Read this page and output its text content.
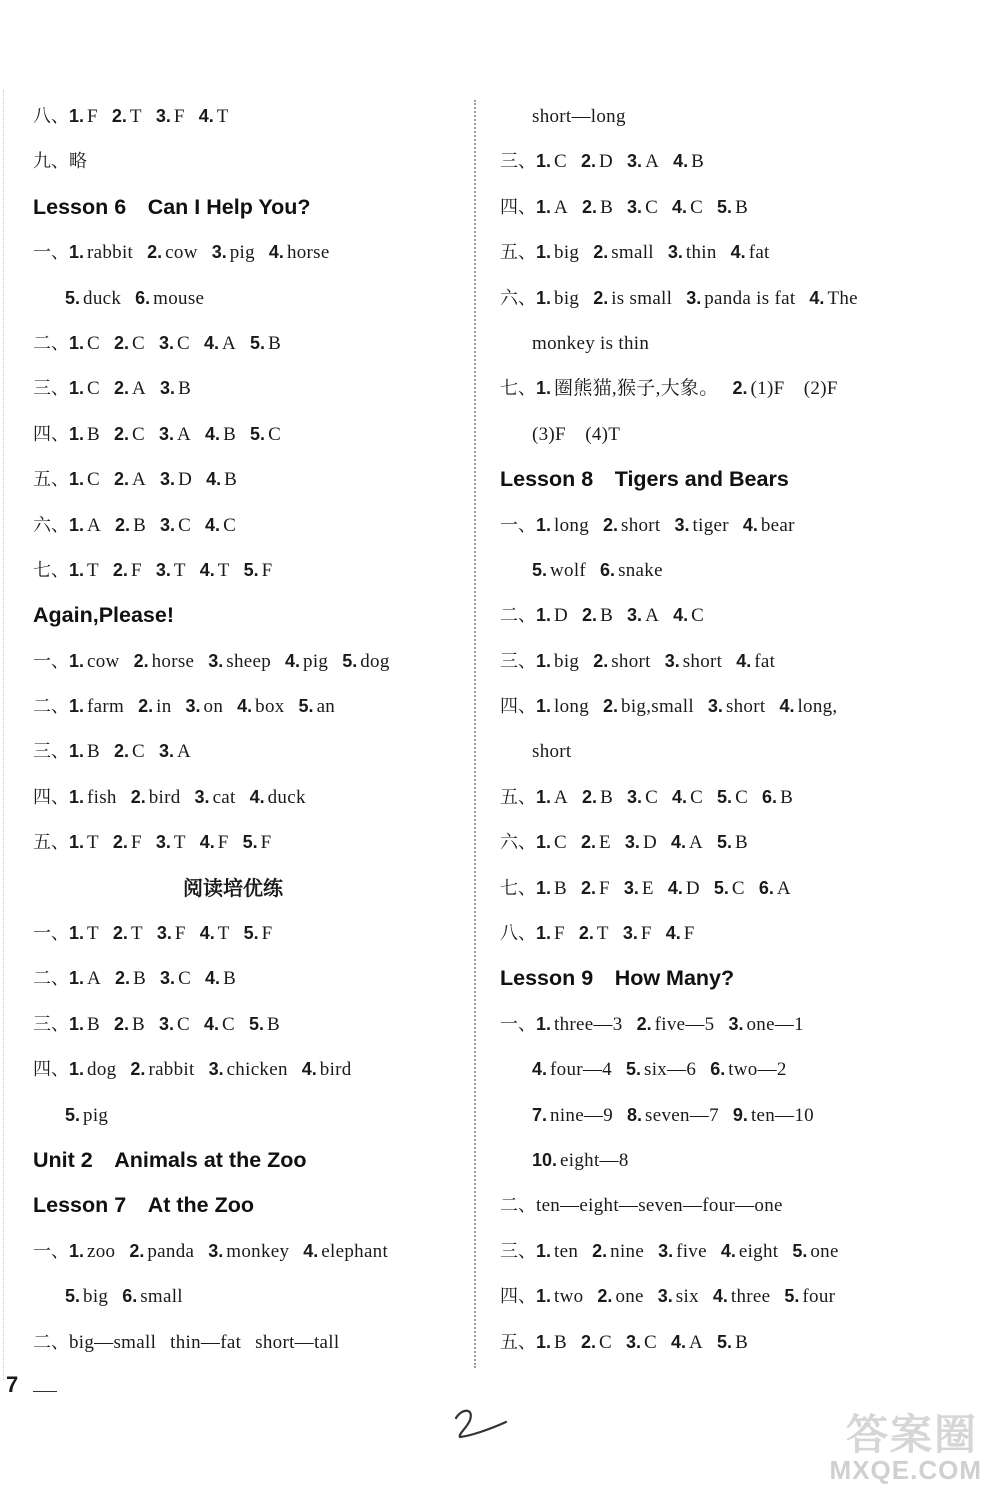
八、1. F 2. T 3. F 4. T
九、略
Lesson 6　Can I Help You?
一、1. rabbit 2. cow 3. pig 4. horse
5. duck 6. mouse
二、1. C 2. C 3. C 4. A 5. B
三、1. C 2. A 3. B
四、1. B 2. C 3. A 4. B 5. C
五、1. C 2. A 3. D 4. B
六、1. A 2. B 3. C 4. C
七、1. T 2. F 3. T 4. T 5. F
Again,Please!
一、1. cow 2. horse 3. sheep 4. pig 5. dog
二、1. farm 2. in 3. on 4. box 5. an
三、1. B 2. C 3. A
四、1. fish 2. bird 3. cat 4. duck
五、1. T 2. F 3. T 4. F 5. F
阅读培优练
一、1. T 2. T 3. F 4. T 5. F
二、1. A 2. B 3. C 4. B
三、1. B 2. B 3. C 4. C 5. B
四、1. dog 2. rabbit 3. chicken 4. bird
5. pig
Unit 2　Animals at the Zoo
Lesson 7　At the Zoo
一、1. zoo 2. panda 3. monkey 4. elephant
5. big 6. small
二、big—small thin—fat short—tall
short—long
三、1. C 2. D 3. A 4. B
四、1. A 2. B 3. C 4. C 5. B
五、1. big 2. small 3. thin 4. fat
六、1. big 2. is small 3. panda is fat 4. The
monkey is thin
七、1. 圈熊猫,猴子,大象。 2. (1)F　(2)F
(3)F　(4)T
Lesson 8　Tigers and Bears
一、1. long 2. short 3. tiger 4. bear
5. wolf 6. snake
二、1. D 2. B 3. A 4. C
三、1. big 2. short 3. short 4. fat
四、1. long 2. big,small 3. short 4. long,
short
五、1. A 2. B 3. C 4. C 5. C 6. B
六、1. C 2. E 3. D 4. A 5. B
七、1. B 2. F 3. E 4. D 5. C 6. A
八、1. F 2. T 3. F 4. F
Lesson 9　How Many?
一、1. three—3 2. five—5 3. one—1
4. four—4 5. six—6 6. two—2
7. nine—9 8. seven—7 9. ten—10
10. eight—8
二、ten—eight—seven—four—one
三、1. ten 2. nine 3. five 4. eight 5. one
四、1. two 2. one 3. six 4. three 5. four
五、1. B 2. C 3. C 4. A 5. B
7
答案圈
MXQE.COM
